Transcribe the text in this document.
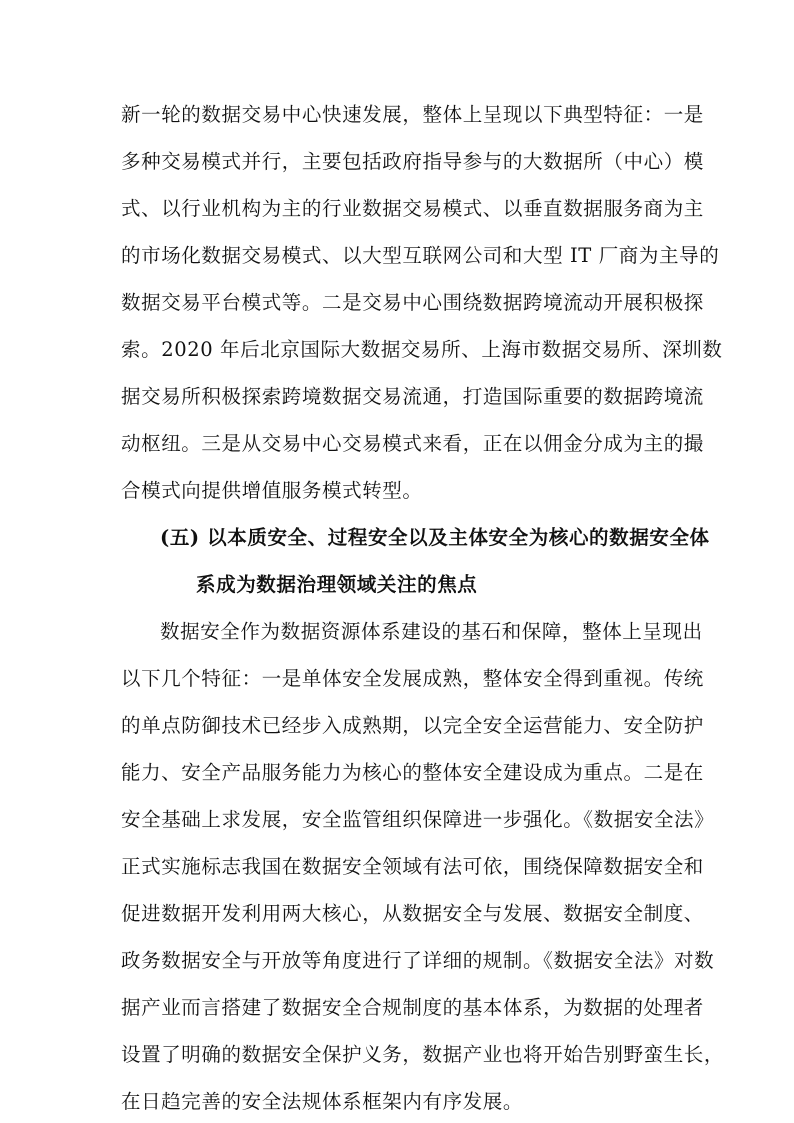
新一轮的数据交易中心快速发展，整体上呈现以下典型特征：一是
多种交易模式并行，主要包括政府指导参与的大数据所（中心）模
式、以行业机构为主的行业数据交易模式、以垂直数据服务商为主
的市场化数据交易模式、以大型互联网公司和大型 IT 厂商为主导的
数据交易平台模式等。二是交易中心围绕数据跨境流动开展积极探
索。2020 年后北京国际大数据交易所、上海市数据交易所、深圳数
据交易所积极探索跨境数据交易流通，打造国际重要的数据跨境流
动枢纽。三是从交易中心交易模式来看，正在以佣金分成为主的撮
合模式向提供增值服务模式转型。
(五) 以本质安全、过程安全以及主体安全为核心的数据安全体
系成为数据治理领域关注的焦点
数据安全作为数据资源体系建设的基石和保障，整体上呈现出
以下几个特征：一是单体安全发展成熟，整体安全得到重视。传统
的单点防御技术已经步入成熟期，以完全安全运营能力、安全防护
能力、安全产品服务能力为核心的整体安全建设成为重点。二是在
安全基础上求发展，安全监管组织保障进一步强化。《数据安全法》
正式实施标志我国在数据安全领域有法可依，围绕保障数据安全和
促进数据开发利用两大核心，从数据安全与发展、数据安全制度、
政务数据安全与开放等角度进行了详细的规制。《数据安全法》对数
据产业而言搭建了数据安全合规制度的基本体系，为数据的处理者
设置了明确的数据安全保护义务，数据产业也将开始告别野蛮生长，
在日趋完善的安全法规体系框架内有序发展。
